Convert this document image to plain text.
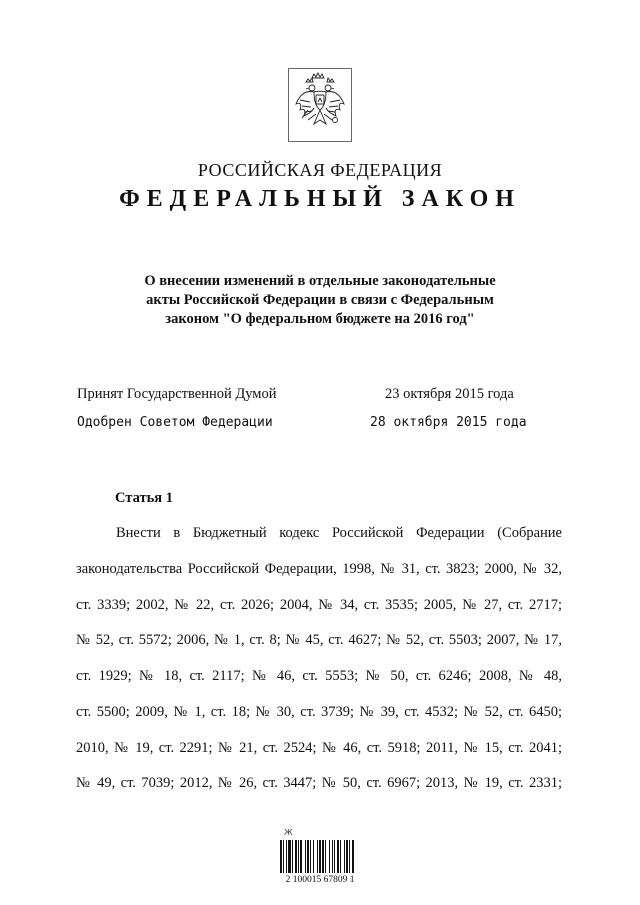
РОССИЙСКАЯ ФЕДЕРАЦИЯ
ФЕДЕРАЛЬНЫЙ ЗАКОН
О внесении изменений в отдельные законодательные
акты Российской Федерации в связи с Федеральным
законом "О федеральном бюджете на 2016 год"
Принят Государственной Думой	23 октября 2015 года
Одобрен Советом Федерации	28 октября 2015 года
Статья 1
Внести в Бюджетный кодекс Российской Федерации (Собрание
законодательства Российской Федерации, 1998, № 31, ст. 3823; 2000, № 32,
ст. 3339; 2002, № 22, ст. 2026; 2004, № 34, ст. 3535; 2005, № 27, ст. 2717;
№ 52, ст. 5572; 2006, № 1, ст. 8; № 45, ст. 4627; № 52, ст. 5503; 2007, № 17,
ст. 1929; № 18, ст. 2117; № 46, ст. 5553; № 50, ст. 6246; 2008, № 48,
ст. 5500; 2009, № 1, ст. 18; № 30, ст. 3739; № 39, ст. 4532; № 52, ст. 6450;
2010, № 19, ст. 2291; № 21, ст. 2524; № 46, ст. 5918; 2011, № 15, ст. 2041;
№ 49, ст. 7039; 2012, № 26, ст. 3447; № 50, ст. 6967; 2013, № 19, ст. 2331;
Ж
2 100015 67809 1
